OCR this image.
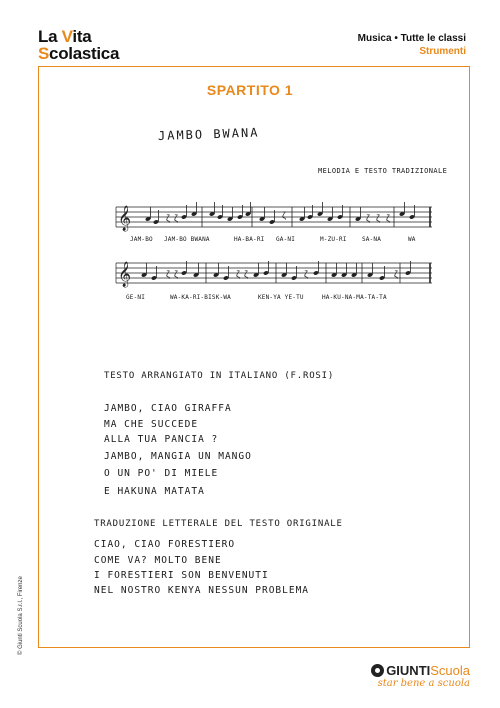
La Vita
Scolastica
Musica • Tutte le classi
Strumenti
SPARTITO 1
JAMBO BWANA
MELODIA E TESTO TRADIZIONALE
𝄞
𝄞
ζ ζ	ζ	ζ ζ ζ
ζ ζ	ζ ζ	ζ	ζ
JAM-BO JAM-BO BWANA	HA-BA-RI GA-NI	M-ZU-RI	SA-NA	WA
GE-NI	WA-KA-RI-BISK-WA	KEN-YA YE-TU	HA-KU-NA-MA-TA-TA
TESTO ARRANGIATO IN ITALIANO (F.ROSI)
JAMBO, CIAO GIRAFFA
MA CHE SUCCEDE
ALLA TUA PANCIA ?
JAMBO, MANGIA UN MANGO
O UN PO' DI MIELE
E HAKUNA MATATA
TRADUZIONE LETTERALE DEL TESTO ORIGINALE
CIAO, CIAO FORESTIERO
COME VA? MOLTO BENE
I FORESTIERI SON BENVENUTI
NEL NOSTRO KENYA NESSUN PROBLEMA
© Giunti Scuola S.r.l., Firenze
GIUNTIScuola
star bene a scuola
